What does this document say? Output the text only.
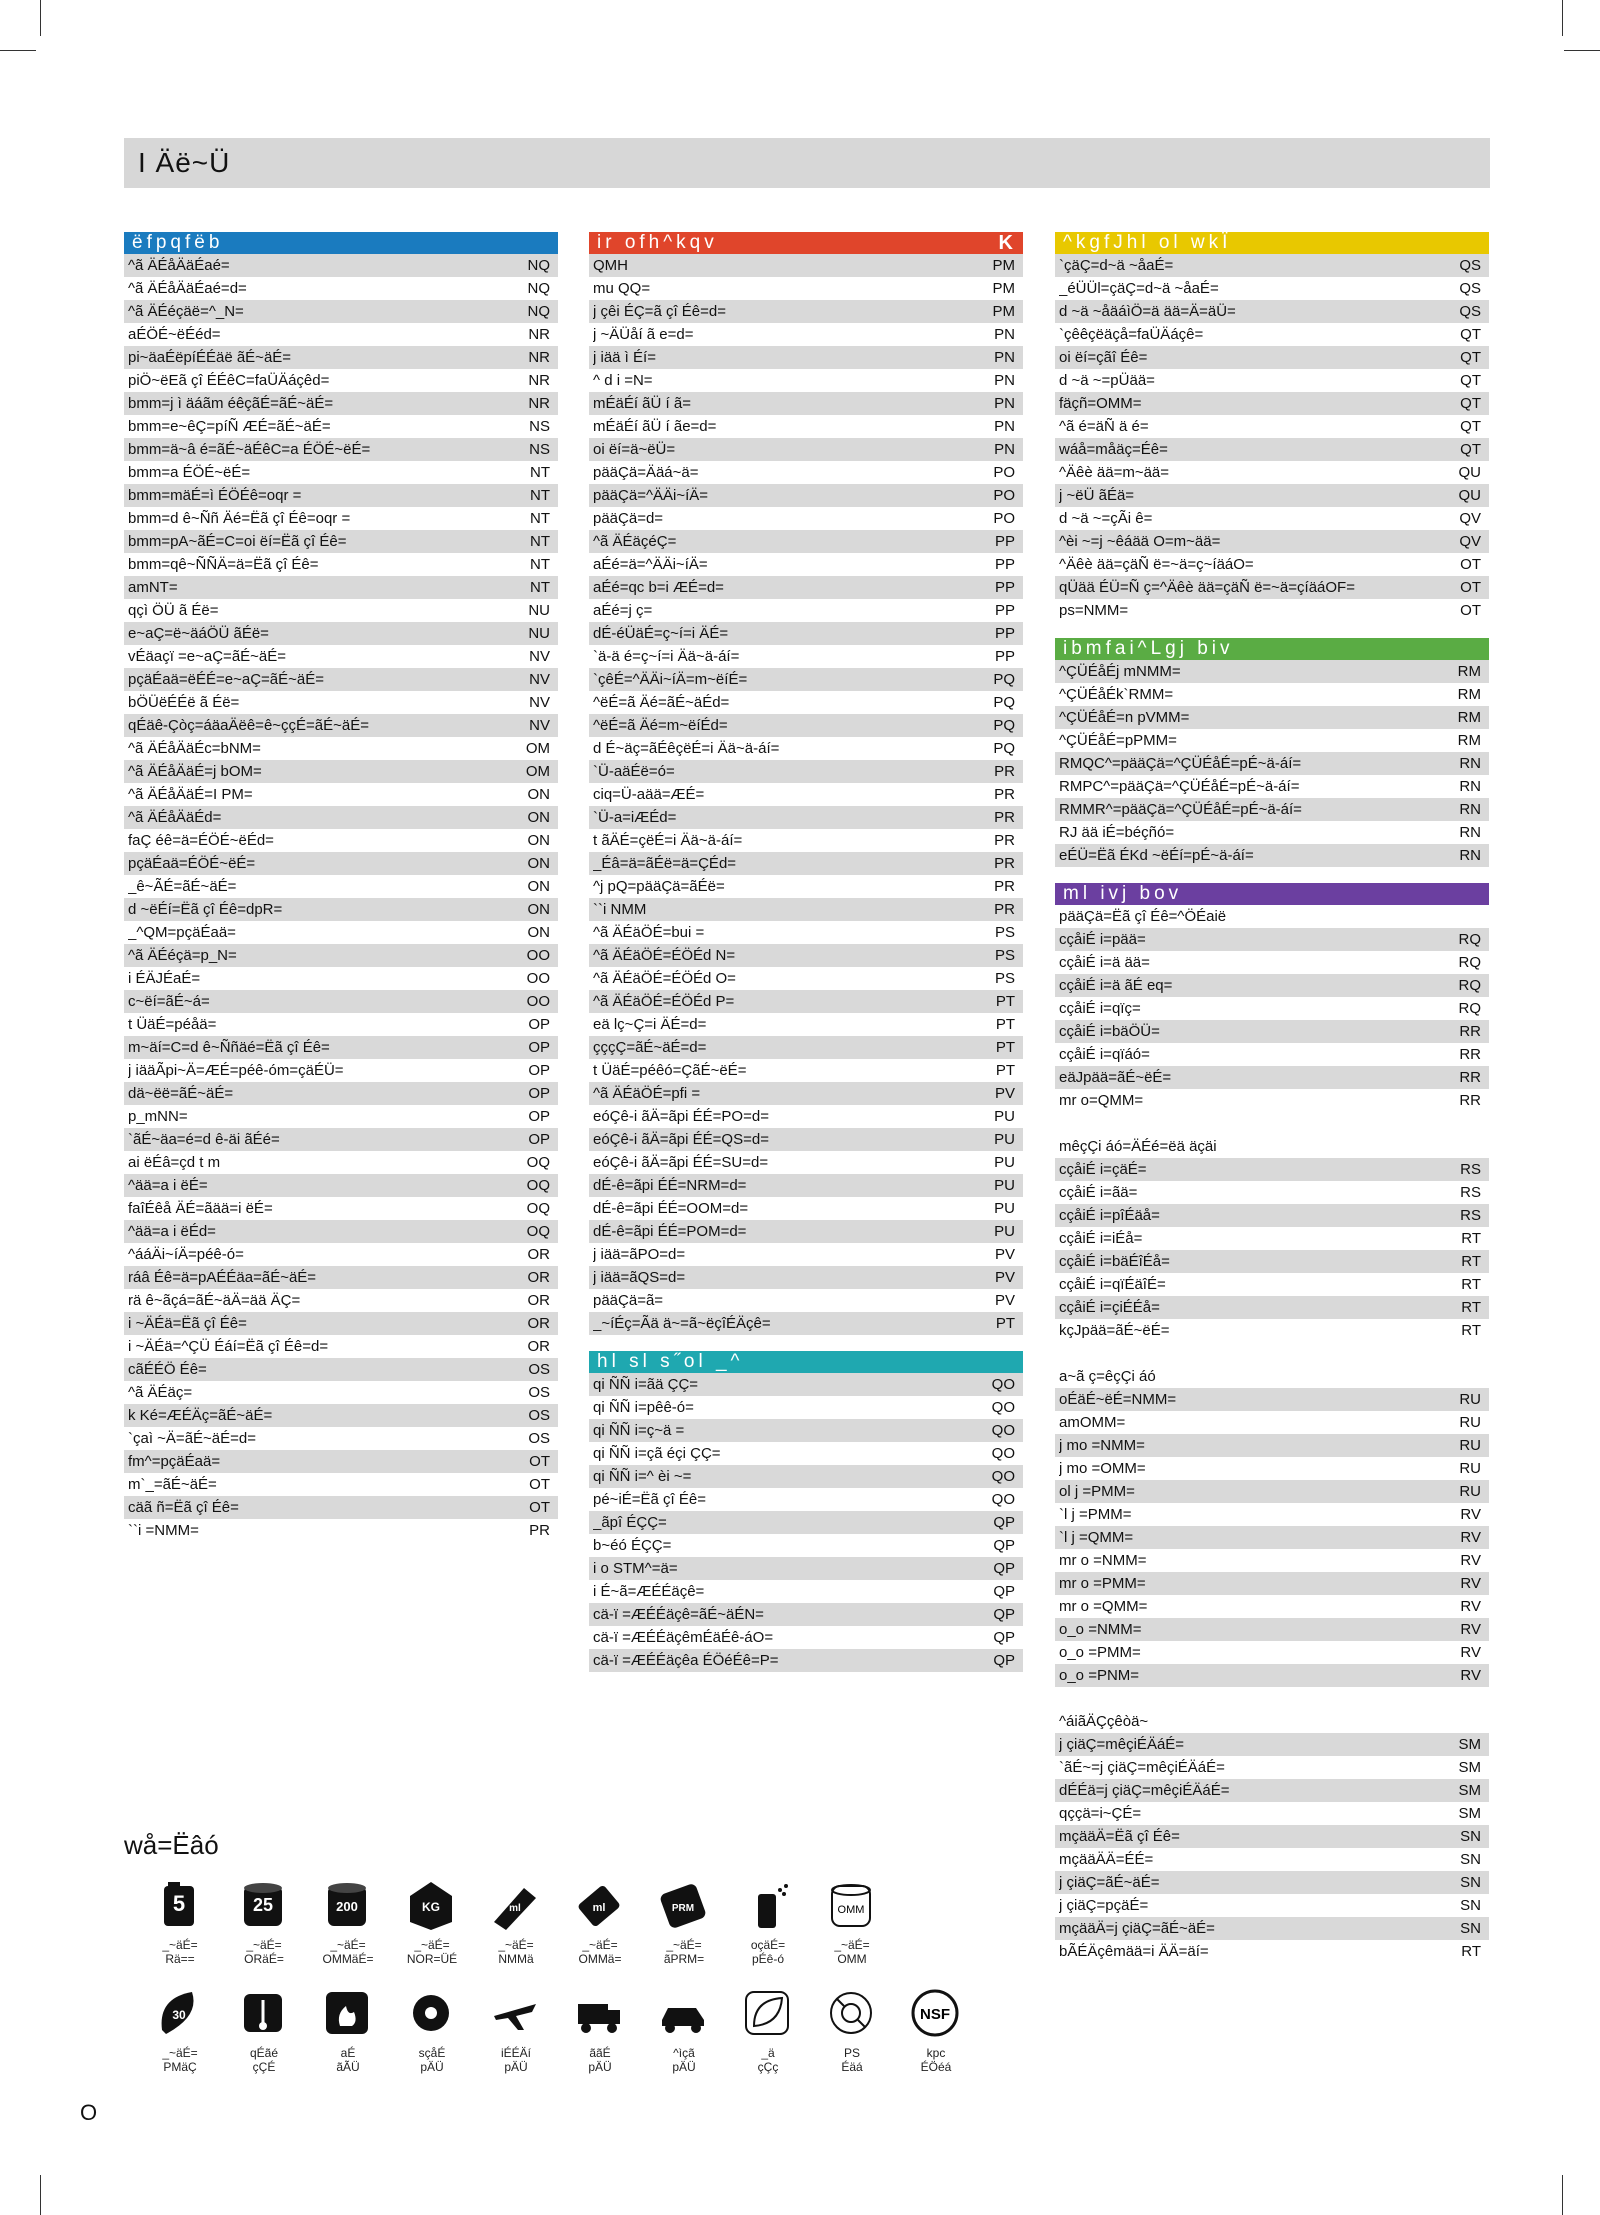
I Äë~Ü
ëfpqfëb
^ã ÄÉåÄäÉaé=	NQ
^ã ÄÉåÄäÉaé=d=	NQ
^ã ÄÉéçäë=^_N=	NQ
aÉÖÉ~ëÉéd=	NR
pi~äaÉëpíÉÉäë ãÉ~äÉ=	NR
piÖ~ëEã çî ÉÉêC=faÜÄáçêd=	NR
bmm=j ì äáãm éêçãÉ=ãÉ~äÉ=	NR
bmm=e~êÇ=píÑ ÆÉ=ãÉ~äÉ=	NS
bmm=ä~â é=ãÉ~äÉêC=a ÉÖÉ~ëÉ=	NS
bmm=a ÉÖÉ~ëÉ=	NT
bmm=mäÉ=ì ÉÖÉê=oqr =	NT
bmm=d ê~Ññ Äé=Ëã çî Éê=oqr =	NT
bmm=pA~ãÉ=C=oi ëí=Ëã çî Éê=	NT
bmm=qê~ÑÑÄ=ä=Ëã çî Éê=	NT
amNT=	NT
qçì ÖÜ ã Éë=	NU
e~aÇ=ë~äáÖÜ ãÉë=	NU
vÉäaçï =e~aÇ=ãÉ~äÉ=	NV
pçäÉaä=ëÉÉ=e~aÇ=ãÉ~äÉ=	NV
bÖÜëÉÉë ã Éë=	NV
qÉäê-Çòç=áäaÄëê=ê~ççÉ=ãÉ~äÉ=	NV
^ã ÄÉåÄäÉc=bNM=	OM
^ã ÄÉåÄäÉ=j bOM=	OM
^ã ÄÉåÄäÉ=I PM=	ON
^ã ÄÉåÄäÉd=	ON
faÇ éê=ä=ÉÖÉ~ëÉd=	ON
pçäÉaä=ÉÖÉ~ëÉ=	ON
_ê~ÃÉ=ãÉ~äÉ=	ON
d ~ëÉí=Ëã çî Éê=dpR=	ON
_^QM=pçäÉaä=	ON
^ã ÄÉéçä=p_N=	OO
i ÉÄJÉaÉ=	OO
c~ëí=ãÉ~á=	OO
t ÜäÉ=péåä=	OP
m~äí=C=d ê~Ññäé=Ëã çî Éê=	OP
j iääÃpi~Ä=ÆÉ=péê-óm=çäÉÜ=	OP
dä~ëë=ãÉ~äÉ=	OP
p_mNN=	OP
`ãÉ~äa=é=d ê-äi ãÉé=	OP
ai ëÉâ=çd t m	OQ
^ää=a i ëÉ=	OQ
faîÉêå ÄÉ=ãää=i ëÉ=	OQ
^ää=a i ëÉd=	OQ
^ááÄi~íÄ=péê-ó=	OR
ráâ Éê=ä=pAÉÉäa=ãÉ~äÉ=	OR
rä ê~ãçá=ãÉ~äÄ=ää ÄÇ=	OR
i ~ÄÉä=Ëã çî Éê=	OR
i ~ÄÉä=^ÇÜ Éáí=Ëã çî Éê=d=	OR
cãÉÉÖ Éê=	OS
^ã ÄÉäç=	OS
k Ké=ÆÉÄç=ãÉ~äÉ=	OS
`çaì ~Ä=ãÉ~äÉ=d=	OS
fm^=pçäÉaä=	OT
m`_=ãÉ~äÉ=	OT
cäã ñ=Ëã çî Éê=	OT
``i =NMM=	PR
ir ofh^kqv	K
QMH	PM
mu QQ=	PM
j çêi ÉÇ=ã çî Éê=d=	PM
j ~ÄÜåí ã e=d=	PN
j iää ì Éí=	PN
^ d i =N=	PN
mÉäÉí ãÜ í ã=	PN
mÉäÉí ãÜ í ãe=d=	PN
oi ëí=ä~ëÜ=	PN
pääÇä=Ääá~ä=	PO
pääÇä=^ÄÄi~íÄ=	PO
pääÇä=d=	PO
^ã ÄÉäçéÇ=	PP
aÉé=ä=^ÄÄi~íÄ=	PP
aÉé=qc b=i ÆÉ=d=	PP
aÉé=j ç=	PP
dÉ-éÜäÉ=ç~í=i ÄÉ=	PP
`ä-ä é=ç~í=i Ää~ä-áí=	PP
`çêÉ=^ÄÄi~íÄ=m~ëíÉ=	PQ
^ëÉ=ã Äé=ãÉ~äÉd=	PQ
^ëÉ=ã Äé=m~ëíÉd=	PQ
d É~äç=ãÉêçëÉ=i Ää~ä-áí=	PQ
`Ü-aäÉë=ó=	PR
ciq=Ü-aää=ÆÉ=	PR
`Ü-a=iÆÉd=	PR
t ãÄÉ=çëÉ=i Ää~ä-áí=	PR
_Éâ=ä=ãÉë=ä=ÇÉd=	PR
^j pQ=pääÇä=ãÉë=	PR
``i NMM	PR
^ã ÄÉäÖÉ=bui =	PS
^ã ÄÉäÖÉ=ÉÖÉd N=	PS
^ã ÄÉäÖÉ=ÉÖÉd O=	PS
^ã ÄÉäÖÉ=ÉÖÉd P=	PT
eä lç~Ç=i ÄÉ=d=	PT
çççÇ=ãÉ~äÉ=d=	PT
t ÜäÉ=péêó=ÇãÉ~ëÉ=	PT
^ã ÄÉäÖÉ=pfi =	PV
eóÇê-i ãÄ=ãpi ÉÉ=PO=d=	PU
eóÇê-i ãÄ=ãpi ÉÉ=QS=d=	PU
eóÇê-i ãÄ=ãpi ÉÉ=SU=d=	PU
dÉ-ê=ãpi ÉÉ=NRM=d=	PU
dÉ-ê=ãpi ÉÉ=OOM=d=	PU
dÉ-ê=ãpi ÉÉ=POM=d=	PU
j iää=ãPO=d=	PV
j iää=ãQS=d=	PV
pääÇä=ã=	PV
_~íÉç=Ãä ä~=ã~ëçîÉÄçê=	PT
hl sl s˝ol _^
qi ÑÑ i=ãä ÇÇ=	QO
qi ÑÑ i=pêê-ó=	QO
qi ÑÑ i=ç~ä =	QO
qi ÑÑ i=çã éçi ÇÇ=	QO
qi ÑÑ i=^ èi ~=	QO
pé~iÉ=Ëã çî Éê=	QO
_ãpî ÉÇÇ=	QP
b~éó ÉÇÇ=	QP
i o STM^=ä=	QP
i É~ã=ÆÉÉäçê=	QP
cä-ï =ÆÉÉäçê=ãÉ~äÉN=	QP
cä-ï =ÆÉÉäçêmÉäÉê-áO=	QP
cä-ï =ÆÉÉäçêa ÉÖéÉê=P=	QP
^kgfJhl ol wkÏ
`çäÇ=d~ä ~åaÉ=	QS
_éÜÜl=çäÇ=d~ä ~åaÉ=	QS
d ~ä ~åäáìÖ=ä ää=Ä=äÜ=	QS
`çêêçëäçå=faÜÄáçê=	QT
oi ëí=çãî Éê=	QT
d ~ä ~=pÜää=	QT
fäçñ=OMM=	QT
^ã é=äÑ ä é=	QT
wáå=måäç=Éê=	QT
^Äêè ää=m~ää=	QU
j ~ëÜ ãÉä=	QU
d ~ä ~=çÃi ê=	QV
^èi ~=j ~êáää O=m~ää=	QV
^Äêè ää=çäÑ ë=~ä=ç~íäáO=	OT
qÜää ÉÜ=Ñ ç=^Äêè ää=çäÑ ë=~ä=çíäáOF=	OT
ps=NMM=	OT
ibmfai^Lgj biv
^ÇÜÉåÉj mNMM=	RM
^ÇÜÉåÉk`RMM=	RM
^ÇÜÉåÉ=n pVMM=	RM
^ÇÜÉåÉ=pPMM=	RM
RMQC^=pääÇä=^ÇÜÉåÉ=pÉ~ä-áí=	RN
RMPC^=pääÇä=^ÇÜÉåÉ=pÉ~ä-áí=	RN
RMMR^=pääÇä=^ÇÜÉåÉ=pÉ~ä-áí=	RN
RJ ää iÉ=béçñó=	RN
eÉÜ=Ëã ÉKd ~ëÉí=pÉ~ä-áí=	RN
ml ivj bov
pääÇä=Ëã çî Éê=^ÖÉaië
cçåiÉ i=pää=	RQ
cçåiÉ i=ä ää=	RQ
cçåiÉ i=ä ãÉ eq=	RQ
cçåiÉ i=qïç=	RQ
cçåiÉ i=bäÖÜ=	RR
cçåiÉ i=qïáó=	RR
eäJpää=ãÉ~ëÉ=	RR
mr o=QMM=	RR
mêçÇi áó=ÄÉé=ëä äçäi
cçåiÉ i=çäÉ=	RS
cçåiÉ i=ãä=	RS
cçåiÉ i=pîÉäå=	RS
cçåiÉ i=iÉå=	RT
cçåiÉ i=bäÉîÉå=	RT
cçåiÉ i=qïÉäîÉ=	RT
cçåiÉ i=çiÉÉå=	RT
kçJpää=ãÉ~ëÉ=	RT
a~ã ç=êçÇi áó
oÉäÉ~ëÉ=NMM=	RU
amOMM=	RU
j mo =NMM=	RU
j mo =OMM=	RU
ol j =PMM=	RU
`l j =PMM=	RV
`l j =QMM=	RV
mr o =NMM=	RV
mr o =PMM=	RV
mr o =QMM=	RV
o_o =NMM=	RV
o_o =PMM=	RV
o_o =PNM=	RV
^áiãÄÇçêòä~
j çiäÇ=mêçiÉÄáÉ=	SM
`ãÉ~=j çiäÇ=mêçiÉÄáÉ=	SM
dÉÉä=j çiäÇ=mêçiÉÄáÉ=	SM
qççä=i~ÇÉ=	SM
mçääÄ=Ëã çî Éê=	SN
mçääÄÄ=ÉÉ=	SN
j çiäÇ=ãÉ~äÉ=	SN
j çiäÇ=pçäÉ=	SN
mçääÄ=j çiäÇ=ãÉ~äÉ=	SN
bÃÉÄçêmää=i ÄÄ=äí=	RT
wå=Ëâó
5
_~äÉ=
Rä==
25
_~äÉ=
ORäÉ=
200
_~äÉ=
OMMäÉ=
KG
_~äÉ=
NOR=ÜÉ
ml
_~äÉ=
NMMä
ml
_~äÉ=
OMMä=
PRM
_~äÉ=
ãPRM=
oçäÉ=
pÉê-ó
OMM
_~äÉ=
OMM
30
_~äÉ=
PMäÇ
qÉãé
çÇÉ
aÉ
ãÃÜ
sçåÉ
pÄÜ
iÉÉÄí
pÄÜ
ããÉ
pÄÜ
^ìçã
pÄÜ
_ä
çÇç
PS
Éäá
NSF
kpc
ÉÖéá
O
